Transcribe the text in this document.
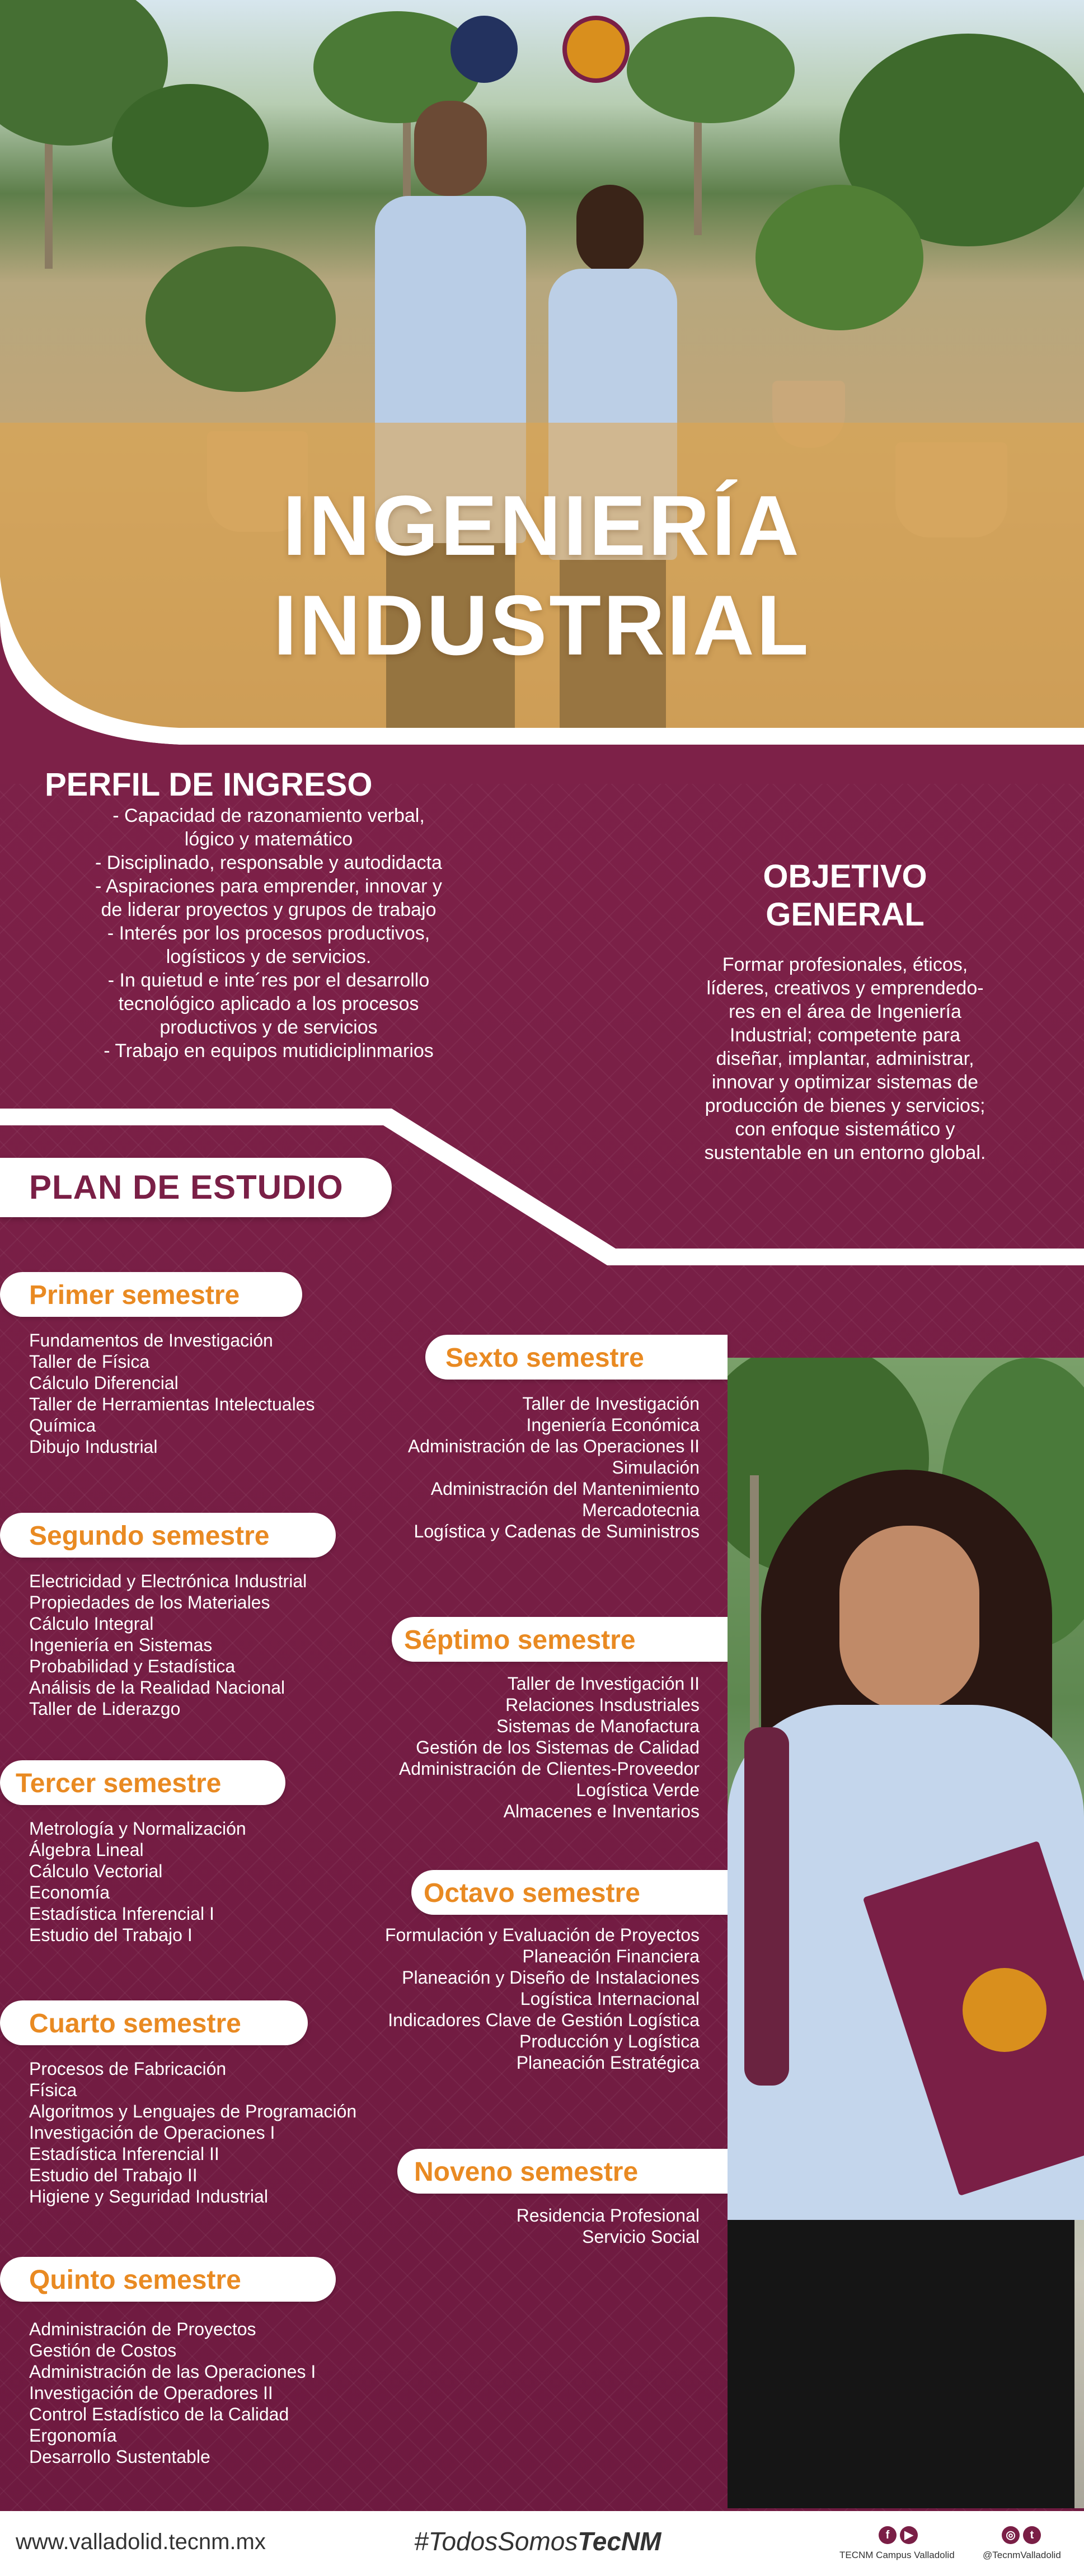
INGENIERÍA
INDUSTRIAL
PERFIL DE INGRESO
- Capacidad de razonamiento verbal,
lógico y matemático
- Disciplinado, responsable y autodidacta
- Aspiraciones para emprender, innovar y
de liderar proyectos y grupos de trabajo
- Interés por los procesos productivos,
logísticos y de servicios.
- In quietud e inte´res por el desarrollo
tecnológico aplicado a los procesos
productivos y de servicios
- Trabajo en equipos mutidiciplinmarios
OBJETIVO
GENERAL
Formar profesionales, éticos,
líderes, creativos y emprendedo-
res en el área de Ingeniería
Industrial; competente para
diseñar, implantar, administrar,
innovar y optimizar sistemas de
producción de bienes y servicios;
con enfoque sistemático y
sustentable en un entorno global.
PLAN DE ESTUDIO
Primer semestre
Fundamentos de Investigación
Taller de Física
Cálculo Diferencial
Taller de Herramientas Intelectuales
Química
Dibujo Industrial
Segundo semestre
Electricidad y Electrónica Industrial
Propiedades de los Materiales
Cálculo Integral
Ingeniería en Sistemas
Probabilidad y Estadística
Análisis de la Realidad Nacional
Taller de Liderazgo
Tercer semestre
Metrología y Normalización
Álgebra Lineal
Cálculo Vectorial
Economía
Estadística Inferencial I
Estudio del Trabajo I
Cuarto semestre
Procesos de Fabricación
Física
Algoritmos y Lenguajes de Programación
Investigación de Operaciones I
Estadística Inferencial II
Estudio del Trabajo II
Higiene y Seguridad Industrial
Quinto semestre
Administración de Proyectos
Gestión de Costos
Administración de las Operaciones I
Investigación de Operadores II
Control Estadístico de la Calidad
Ergonomía
Desarrollo Sustentable
Sexto semestre
Taller de Investigación
Ingeniería Económica
Administración de las Operaciones II
Simulación
Administración del Mantenimiento
Mercadotecnia
Logística y Cadenas de Suministros
Séptimo semestre
Taller de Investigación II
Relaciones Insdustriales
Sistemas de Manofactura
Gestión de los Sistemas de Calidad
Administración de Clientes-Proveedor
Logística Verde
Almacenes e Inventarios
Octavo semestre
Formulación y Evaluación de Proyectos
Planeación Financiera
Planeación y Diseño de Instalaciones
Logística Internacional
Indicadores Clave de Gestión Logística
Producción y Logística
Planeación Estratégica
Noveno semestre
Residencia Profesional
Servicio Social
www.valladolid.tecnm.mx	#TodosSomosTecNM	f	▶
TECNM Campus Valladolid
◎	t
@TecnmValladolid
